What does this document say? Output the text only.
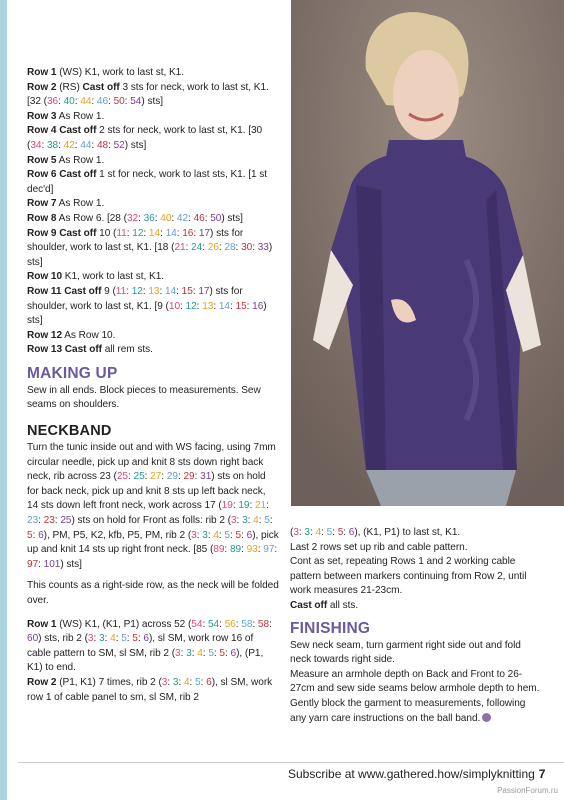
Row 1 (WS) K1, work to last st, K1.

Row 2 (RS) Cast off 3 sts for neck, work to last st, K1. [32 (36: 40: 44: 46: 50: 54) sts]

Row 3 As Row 1.

Row 4 Cast off 2 sts for neck, work to last st, K1. [30 (34: 38: 42: 44: 48: 52) sts]

Row 5 As Row 1.

Row 6 Cast off 1 st for neck, work to last sts, K1. [1 st dec'd]

Row 7 As Row 1.

Row 8 As Row 6. [28 (32: 36: 40: 42: 46: 50) sts]

Row 9 Cast off 10 (11: 12: 14: 14: 16: 17) sts for shoulder, work to last st, K1. [18 (21: 24: 26: 28: 30: 33) sts]

Row 10 K1, work to last st, K1.

Row 11 Cast off 9 (11: 12: 13: 14: 15: 17) sts for shoulder, work to last st, K1. [9 (10: 12: 13: 14: 15: 16) sts]

Row 12 As Row 10.

Row 13 Cast off all rem sts.

MAKING UP

Sew in all ends. Block pieces to measurements. Sew seams on shoulders.

NECKBAND

Turn the tunic inside out and with WS facing, using 7mm circular needle, pick up and knit 8 sts down right back neck, rib across 23 (25: 25: 27: 29: 29: 31) sts on hold for back neck, pick up and knit 8 sts up left back neck, 14 sts down left front neck, work across 17 (19: 19: 21: 23: 23: 25) sts on hold for Front as folls: rib 2 (3: 3: 4: 5: 5: 6), PM, P5, K2, kfb, P5, PM, rib 2 (3: 3: 4: 5: 5: 6), pick up and knit 14 sts up right front neck. [85 (89: 89: 93: 97: 97: 101) sts]

This counts as a right-side row, as the neck will be folded over.

Row 1 (WS) K1, (K1, P1) across 52 (54: 54: 56: 58: 58: 60) sts, rib 2 (3: 3: 4: 5: 5: 6), sl SM, work row 16 of cable pattern to SM, sl SM, rib 2 (3: 3: 4: 5: 5: 6), (P1, K1) to end.

Row 2 (P1, K1) 7 times, rib 2 (3: 3: 4: 5: 6), sl SM, work row 1 of cable panel to sm, sl SM, rib 2

(3: 3: 4: 5: 5: 6), (K1, P1) to last st, K1.

Last 2 rows set up rib and cable pattern.

Cont as set, repeating Rows 1 and 2 working cable pattern between markers continuing from Row 2, until work measures 21-23cm.

Cast off all sts.

FINISHING

Sew neck seam, turn garment right side out and fold neck towards right side.

Measure an armhole depth on Back and Front to 26-27cm and sew side seams below armhole depth to hem. Gently block the garment to measurements, following any yarn care instructions on the ball band.

Subscribe at www.gathered.how/simplyknitting 7
PassionForum.ru
